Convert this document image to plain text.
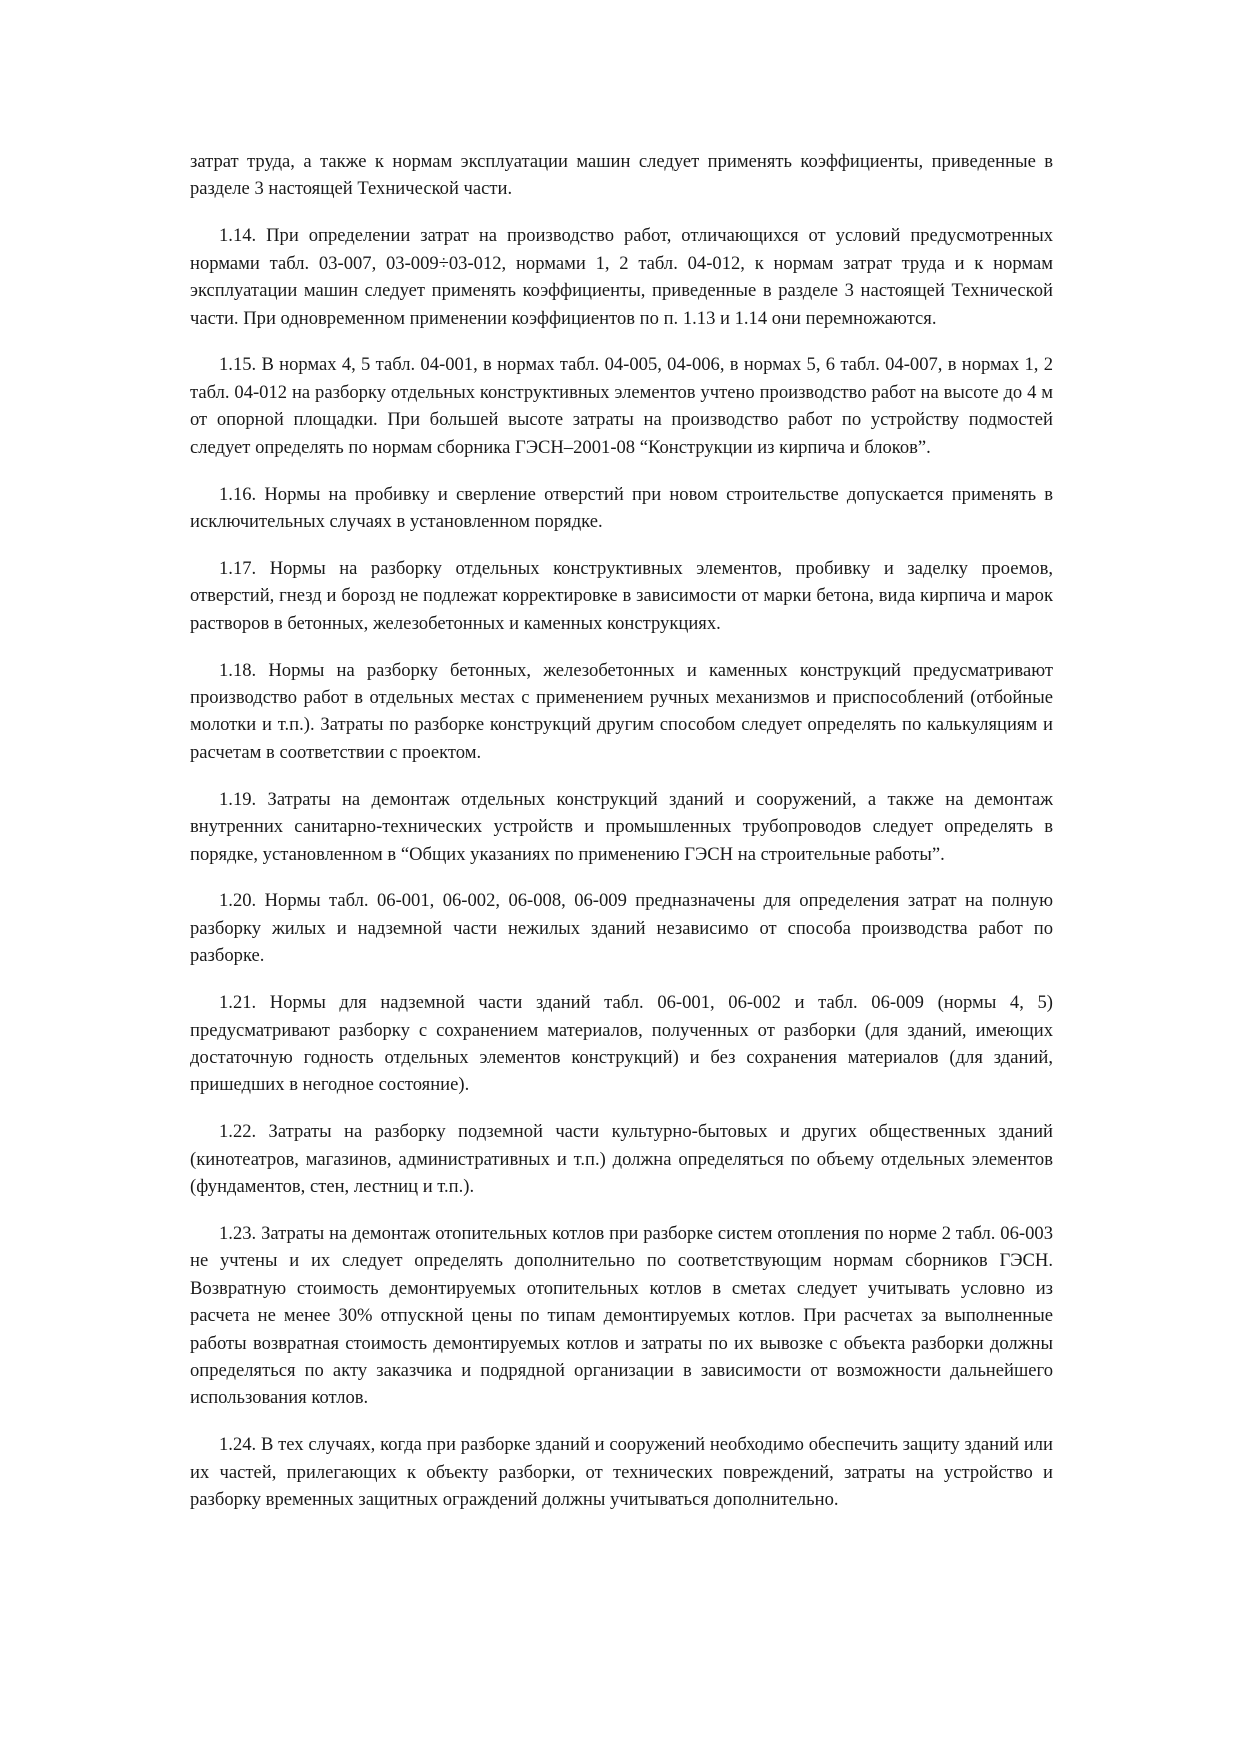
затрат труда, а также к нормам эксплуатации машин следует применять коэффициенты, приведенные в разделе 3 настоящей Технической части.

1.14. При определении затрат на производство работ, отличающихся от условий предусмотренных нормами табл. 03-007, 03-009÷03-012, нормами 1, 2 табл. 04-012, к нормам затрат труда и к нормам эксплуатации машин следует применять коэффициенты, приведенные в разделе 3 настоящей Технической части. При одновременном применении коэффициентов по п. 1.13 и 1.14 они перемножаются.

1.15. В нормах 4, 5 табл. 04-001, в нормах табл. 04-005, 04-006, в нормах 5, 6 табл. 04-007, в нормах 1, 2 табл. 04-012 на разборку отдельных конструктивных элементов учтено производство работ на высоте до 4 м от опорной площадки. При большей высоте затраты на производство работ по устройству подмостей следует определять по нормам сборника ГЭСН–2001-08 “Конструкции из кирпича и блоков”.

1.16. Нормы на пробивку и сверление отверстий при новом строительстве допускается применять в исключительных случаях в установленном порядке.

1.17. Нормы на разборку отдельных конструктивных элементов, пробивку и заделку проемов, отверстий, гнезд и борозд не подлежат корректировке в зависимости от марки бетона, вида кирпича и марок растворов в бетонных, железобетонных и каменных конструкциях.

1.18. Нормы на разборку бетонных, железобетонных и каменных конструкций предусматривают производство работ в отдельных местах с применением ручных механизмов и приспособлений (отбойные молотки и т.п.). Затраты по разборке конструкций другим способом следует определять по калькуляциям и расчетам в соответствии с проектом.

1.19. Затраты на демонтаж отдельных конструкций зданий и сооружений, а также на демонтаж внутренних санитарно-технических устройств и промышленных трубопроводов следует определять в порядке, установленном в “Общих указаниях по применению ГЭСН на строительные работы”.

1.20. Нормы табл. 06-001, 06-002, 06-008, 06-009 предназначены для определения затрат на полную разборку жилых и надземной части нежилых зданий независимо от способа производства работ по разборке.

1.21. Нормы для надземной части зданий табл. 06-001, 06-002 и табл. 06-009 (нормы 4, 5) предусматривают разборку с сохранением материалов, полученных от разборки (для зданий, имеющих достаточную годность отдельных элементов конструкций) и без сохранения материалов (для зданий, пришедших в негодное состояние).

1.22. Затраты на разборку подземной части культурно-бытовых и других общественных зданий (кинотеатров, магазинов, административных и т.п.) должна определяться по объему отдельных элементов (фундаментов, стен, лестниц и т.п.).

1.23. Затраты на демонтаж отопительных котлов при разборке систем отопления по норме 2 табл. 06-003 не учтены и их следует определять дополнительно по соответствующим нормам сборников ГЭСН. Возвратную стоимость демонтируемых отопительных котлов в сметах следует учитывать условно из расчета не менее 30% отпускной цены по типам демонтируемых котлов. При расчетах за выполненные работы возвратная стоимость демонтируемых котлов и затраты по их вывозке с объекта разборки должны определяться по акту заказчика и подрядной организации в зависимости от возможности дальнейшего использования котлов.

1.24. В тех случаях, когда при разборке зданий и сооружений необходимо обеспечить защиту зданий или их частей, прилегающих к объекту разборки, от технических повреждений, затраты на устройство и разборку временных защитных ограждений должны учитываться дополнительно.
